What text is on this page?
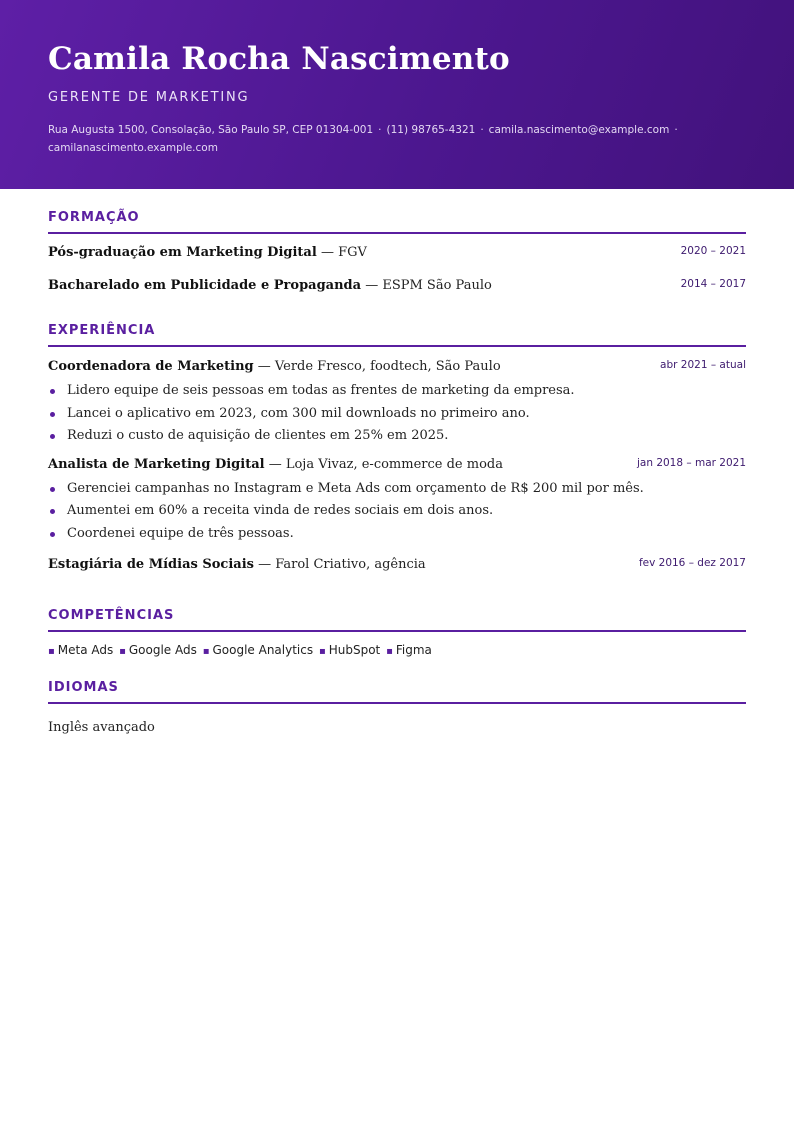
Camila Rocha Nascimento
GERENTE DE MARKETING
Rua Augusta 1500, Consolação, São Paulo SP, CEP 01304-001 · (11) 98765-4321 · camila.nascimento@example.com ·
camilanascimento.example.com
FORMAÇÃO
Pós-graduação em Marketing Digital — FGV	2020 – 2021
Bacharelado em Publicidade e Propaganda — ESPM São Paulo	2014 – 2017
EXPERIÊNCIA
Coordenadora de Marketing — Verde Fresco, foodtech, São Paulo	abr 2021 – atual
Lidero equipe de seis pessoas em todas as frentes de marketing da empresa.
Lancei o aplicativo em 2023, com 300 mil downloads no primeiro ano.
Reduzi o custo de aquisição de clientes em 25% em 2025.
Analista de Marketing Digital — Loja Vivaz, e-commerce de moda	jan 2018 – mar 2021
Gerenciei campanhas no Instagram e Meta Ads com orçamento de R$ 200 mil por mês.
Aumentei em 60% a receita vinda de redes sociais em dois anos.
Coordenei equipe de três pessoas.
Estagiária de Mídias Sociais — Farol Criativo, agência	fev 2016 – dez 2017
COMPETÊNCIAS
▪ Meta Ads ▪ Google Ads ▪ Google Analytics ▪ HubSpot ▪ Figma
IDIOMAS
Inglês avançado
